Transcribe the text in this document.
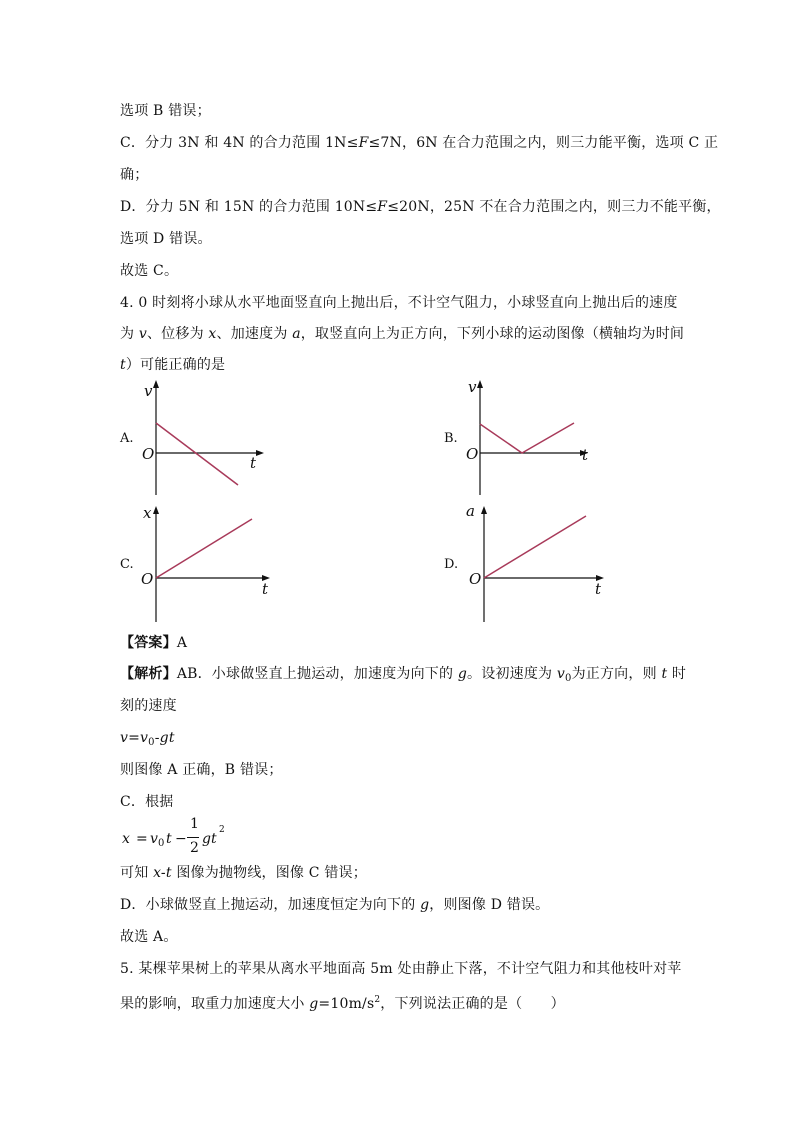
选项 B 错误；
C．分力 3N 和 4N 的合力范围 1N≤F≤7N，6N 在合力范围之内，则三力能平衡，选项 C 正
确；
D．分力 5N 和 15N 的合力范围 10N≤F≤20N，25N 不在合力范围之内，则三力不能平衡，
选项 D 错误。
故选 C。
4. 0 时刻将小球从水平地面竖直向上抛出后，不计空气阻力，小球竖直向上抛出后的速度
为 v、位移为 x、加速度为 a，取竖直向上为正方向，下列小球的运动图像（横轴均为时间
t）可能正确的是
A.	B.
C.	D.
v
O	t
v
O	t
x
O
t
a
O
t
【答案】A
【解析】AB．小球做竖直上抛运动，加速度为向下的 g。设初速度为 $v_0$为正方向，则 t 时
刻的速度
$v=v_0-gt$
则图像 A 正确，B 错误；
C．根据
x = v 0 t −
1
2
gt
2
可知 x-t 图像为抛物线，图像 C 错误；
D．小球做竖直上抛运动，加速度恒定为向下的 g，则图像 D 错误。
故选 A。
5. 某棵苹果树上的苹果从离水平地面高 5m 处由静止下落，不计空气阻力和其他枝叶对苹
果的影响，取重力加速度大小 $g=10m/s^2$，下列说法正确的是（　　）
